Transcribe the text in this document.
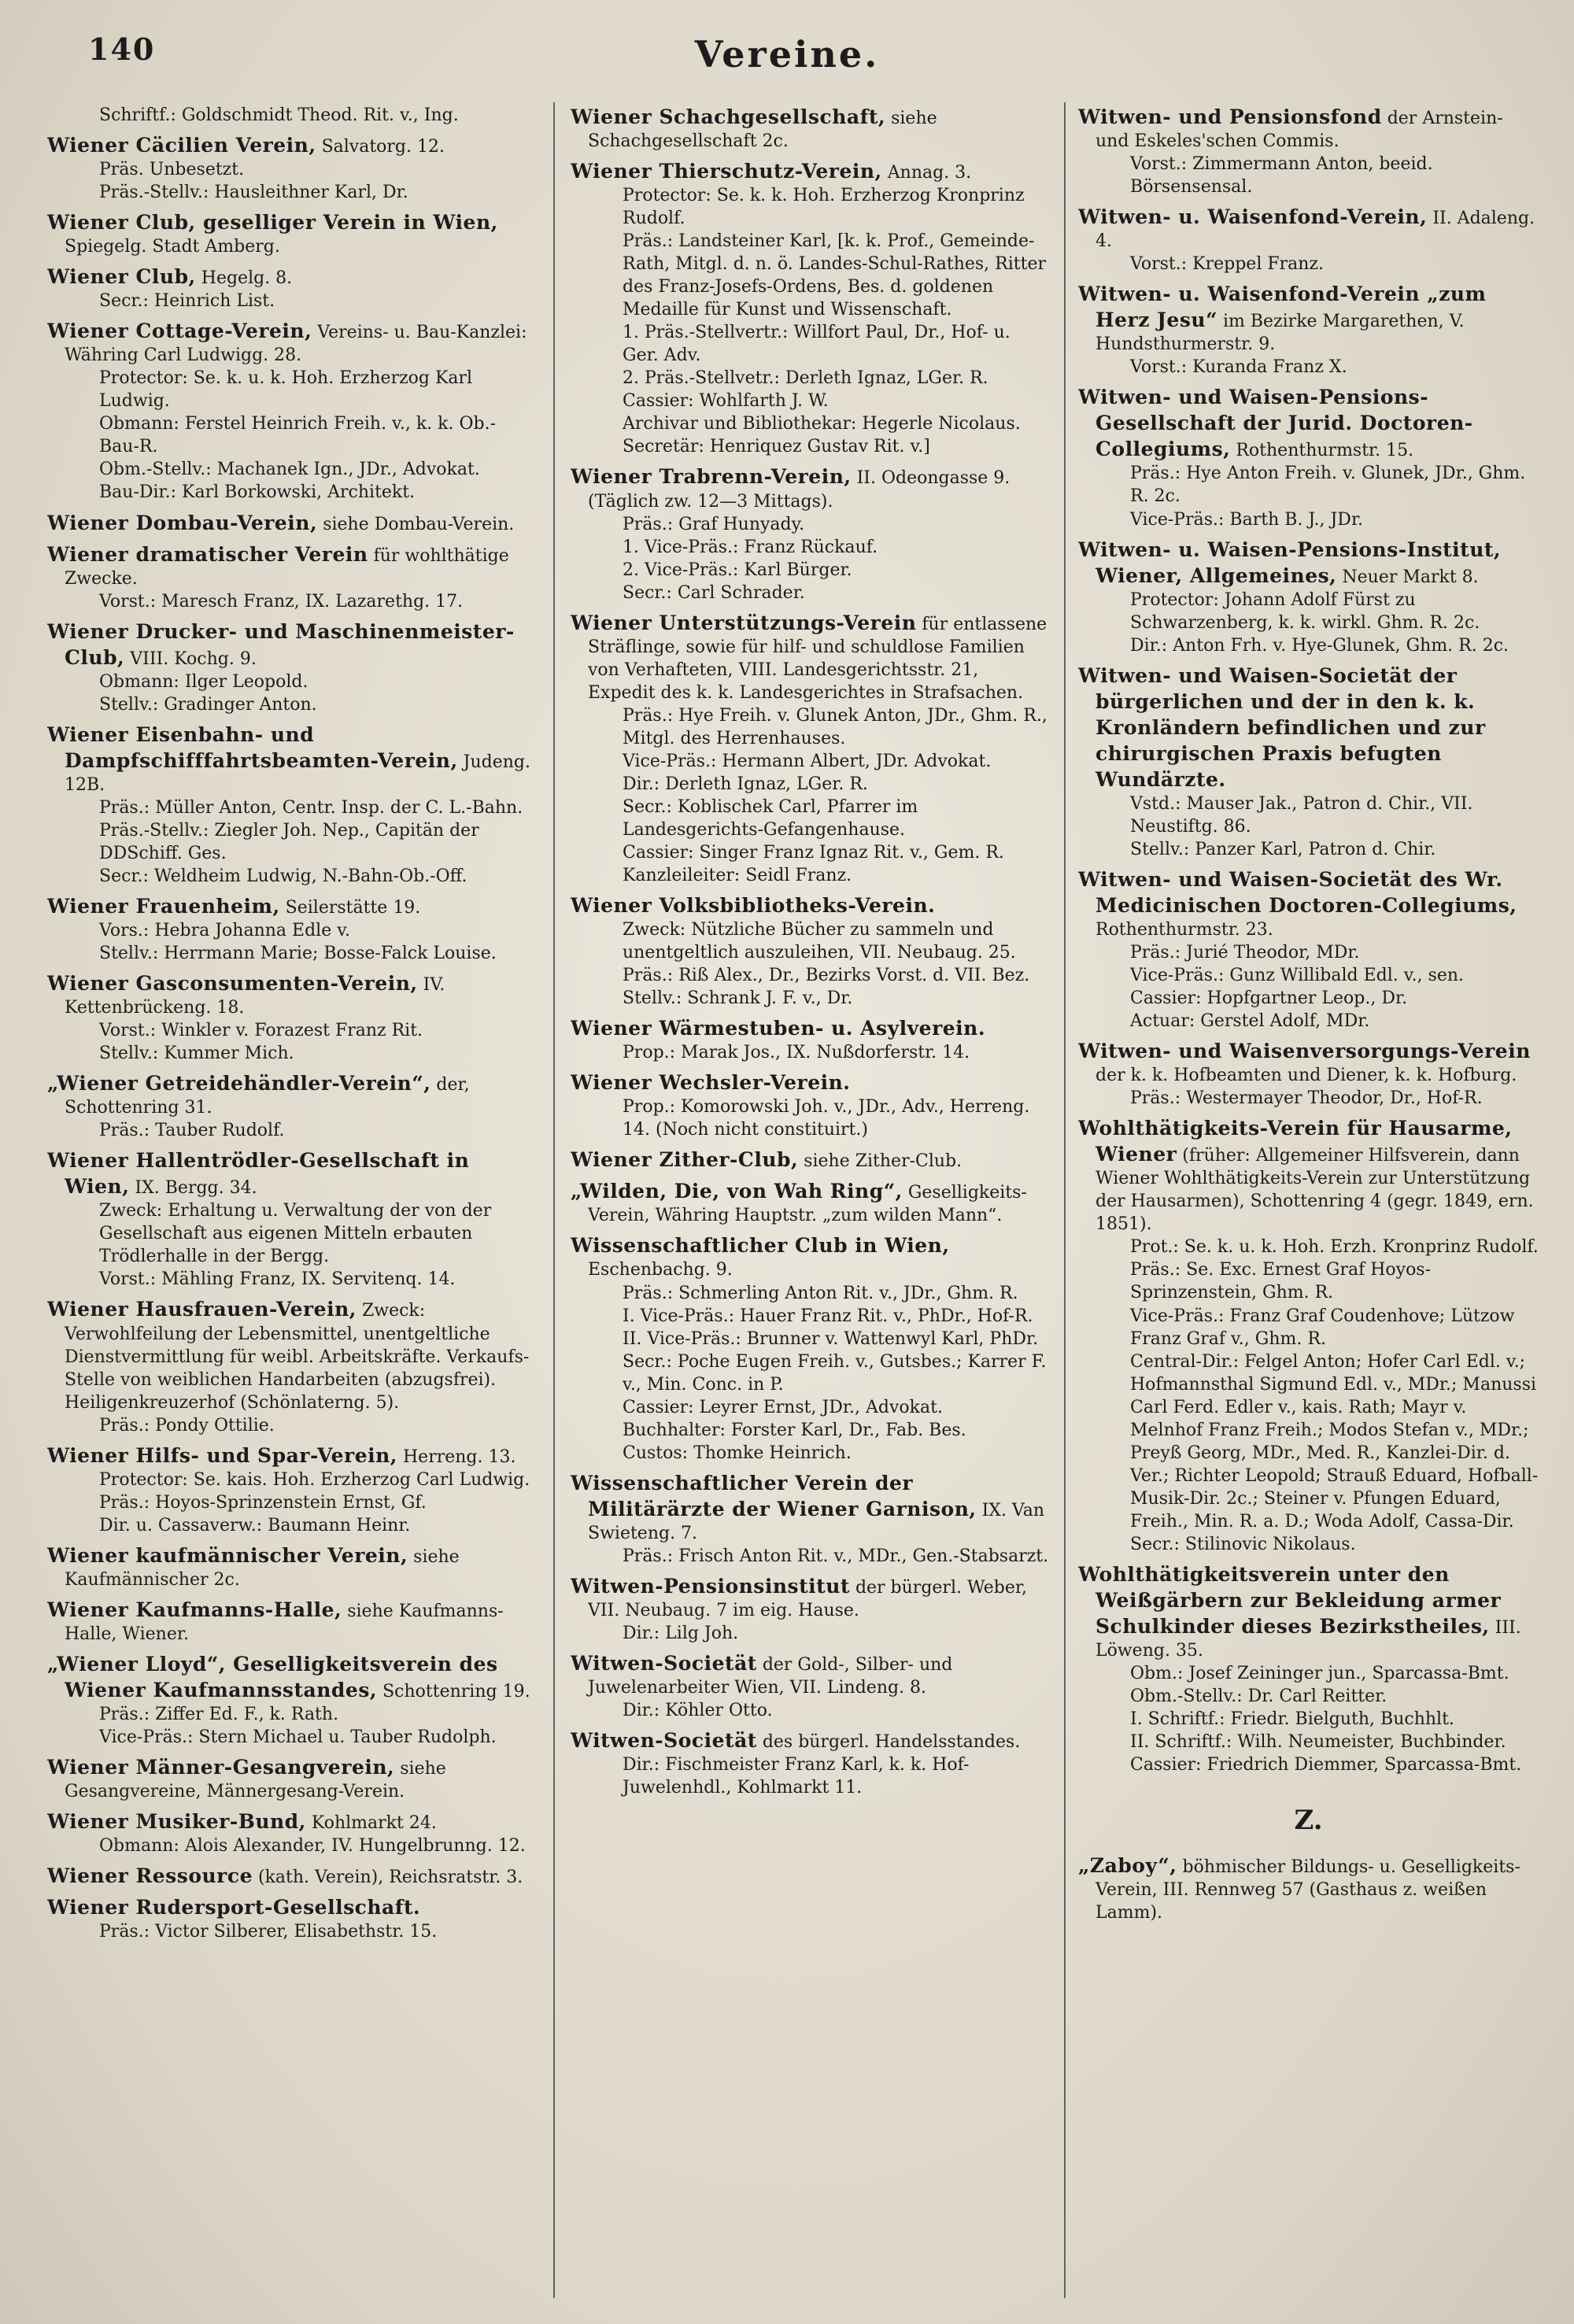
140	Vereine.
Schriftf.: Goldschmidt Theod. Rit. v., Ing.
Wiener Cäcilien Verein, Salvatorg. 12.
Präs. Unbesetzt.
Präs.-Stellv.: Hausleithner Karl, Dr.
Wiener Club, geselliger Verein in Wien, Spiegelg. Stadt Amberg.
Wiener Club, Hegelg. 8.
Secr.: Heinrich List.
Wiener Cottage-Verein, Vereins- u. Bau-Kanzlei: Währing Carl Ludwigg. 28.
Protector: Se. k. u. k. Hoh. Erzherzog Karl Ludwig.
Obmann: Ferstel Heinrich Freih. v., k. k. Ob.-Bau-R.
Obm.-Stellv.: Machanek Ign., JDr., Advokat.
Bau-Dir.: Karl Borkowski, Architekt.
Wiener Dombau-Verein, siehe Dombau-Verein.
Wiener dramatischer Verein für wohlthätige Zwecke.
Vorst.: Maresch Franz, IX. Lazarethg. 17.
Wiener Drucker- und Maschinenmeister-Club, VIII. Kochg. 9.
Obmann: Ilger Leopold.
Stellv.: Gradinger Anton.
Wiener Eisenbahn- und Dampfschifffahrtsbeamten-Verein, Judeng. 12B.
Präs.: Müller Anton, Centr. Insp. der C. L.-Bahn.
Präs.-Stellv.: Ziegler Joh. Nep., Capitän der DDSchiff. Ges.
Secr.: Weldheim Ludwig, N.-Bahn-Ob.-Off.
Wiener Frauenheim, Seilerstätte 19.
Vors.: Hebra Johanna Edle v.
Stellv.: Herrmann Marie; Bosse-Falck Louise.
Wiener Gasconsumenten-Verein, IV. Kettenbrückeng. 18.
Vorst.: Winkler v. Forazest Franz Rit.
Stellv.: Kummer Mich.
„Wiener Getreidehändler-Verein“, der, Schottenring 31.
Präs.: Tauber Rudolf.
Wiener Hallentrödler-Gesellschaft in Wien, IX. Bergg. 34.
Zweck: Erhaltung u. Verwaltung der von der Gesellschaft aus eigenen Mitteln erbauten Trödlerhalle in der Bergg.
Vorst.: Mähling Franz, IX. Servitenq. 14.
Wiener Hausfrauen-Verein, Zweck: Verwohlfeilung der Lebensmittel, unentgeltliche Dienstvermittlung für weibl. Arbeitskräfte. Verkaufs-Stelle von weiblichen Handarbeiten (abzugsfrei). Heiligenkreuzerhof (Schönlaterng. 5).
Präs.: Pondy Ottilie.
Wiener Hilfs- und Spar-Verein, Herreng. 13.
Protector: Se. kais. Hoh. Erzherzog Carl Ludwig.
Präs.: Hoyos-Sprinzenstein Ernst, Gf.
Dir. u. Cassaverw.: Baumann Heinr.
Wiener kaufmännischer Verein, siehe Kaufmännischer 2c.
Wiener Kaufmanns-Halle, siehe Kaufmanns-Halle, Wiener.
„Wiener Lloyd“, Geselligkeitsverein des Wiener Kaufmannsstandes, Schottenring 19.
Präs.: Ziffer Ed. F., k. Rath.
Vice-Präs.: Stern Michael u. Tauber Rudolph.
Wiener Männer-Gesangverein, siehe Gesangvereine, Männergesang-Verein.
Wiener Musiker-Bund, Kohlmarkt 24.
Obmann: Alois Alexander, IV. Hungelbrunng. 12.
Wiener Ressource (kath. Verein), Reichsratstr. 3.
Wiener Rudersport-Gesellschaft.
Präs.: Victor Silberer, Elisabethstr. 15.
Wiener Schachgesellschaft, siehe Schachgesellschaft 2c.
Wiener Thierschutz-Verein, Annag. 3.
Protector: Se. k. k. Hoh. Erzherzog Kronprinz Rudolf.
Präs.: Landsteiner Karl, [k. k. Prof., Gemeinde-Rath, Mitgl. d. n. ö. Landes-Schul-Rathes, Ritter des Franz-Josefs-Ordens, Bes. d. goldenen Medaille für Kunst und Wissenschaft.
1. Präs.-Stellvertr.: Willfort Paul, Dr., Hof- u. Ger. Adv.
2. Präs.-Stellvetr.: Derleth Ignaz, LGer. R.
Cassier: Wohlfarth J. W.
Archivar und Bibliothekar: Hegerle Nicolaus.
Secretär: Henriquez Gustav Rit. v.]
Wiener Trabrenn-Verein, II. Odeongasse 9. (Täglich zw. 12—3 Mittags).
Präs.: Graf Hunyady.
1. Vice-Präs.: Franz Rückauf.
2. Vice-Präs.: Karl Bürger.
Secr.: Carl Schrader.
Wiener Unterstützungs-Verein für entlassene Sträflinge, sowie für hilf- und schuldlose Familien von Verhafteten, VIII. Landesgerichtsstr. 21, Expedit des k. k. Landesgerichtes in Strafsachen.
Präs.: Hye Freih. v. Glunek Anton, JDr., Ghm. R., Mitgl. des Herrenhauses.
Vice-Präs.: Hermann Albert, JDr. Advokat.
Dir.: Derleth Ignaz, LGer. R.
Secr.: Koblischek Carl, Pfarrer im Landesgerichts-Gefangenhause.
Cassier: Singer Franz Ignaz Rit. v., Gem. R.
Kanzleileiter: Seidl Franz.
Wiener Volksbibliotheks-Verein.
Zweck: Nützliche Bücher zu sammeln und unentgeltlich auszuleihen, VII. Neubaug. 25.
Präs.: Riß Alex., Dr., Bezirks Vorst. d. VII. Bez.
Stellv.: Schrank J. F. v., Dr.
Wiener Wärmestuben- u. Asylverein.
Prop.: Marak Jos., IX. Nußdorferstr. 14.
Wiener Wechsler-Verein.
Prop.: Komorowski Joh. v., JDr., Adv., Herreng. 14. (Noch nicht constituirt.)
Wiener Zither-Club, siehe Zither-Club.
„Wilden, Die, von Wah Ring“, Geselligkeits-Verein, Währing Hauptstr. „zum wilden Mann“.
Wissenschaftlicher Club in Wien, Eschenbachg. 9.
Präs.: Schmerling Anton Rit. v., JDr., Ghm. R.
I. Vice-Präs.: Hauer Franz Rit. v., PhDr., Hof-R.
II. Vice-Präs.: Brunner v. Wattenwyl Karl, PhDr.
Secr.: Poche Eugen Freih. v., Gutsbes.; Karrer F. v., Min. Conc. in P.
Cassier: Leyrer Ernst, JDr., Advokat.
Buchhalter: Forster Karl, Dr., Fab. Bes.
Custos: Thomke Heinrich.
Wissenschaftlicher Verein der Militärärzte der Wiener Garnison, IX. Van Swieteng. 7.
Präs.: Frisch Anton Rit. v., MDr., Gen.-Stabsarzt.
Witwen-Pensionsinstitut der bürgerl. Weber, VII. Neubaug. 7 im eig. Hause.
Dir.: Lilg Joh.
Witwen-Societät der Gold-, Silber- und Juwelenarbeiter Wien, VII. Lindeng. 8.
Dir.: Köhler Otto.
Witwen-Societät des bürgerl. Handelsstandes.
Dir.: Fischmeister Franz Karl, k. k. Hof-Juwelenhdl., Kohlmarkt 11.
Witwen- und Pensionsfond der Arnstein- und Eskeles'schen Commis.
Vorst.: Zimmermann Anton, beeid. Börsensensal.
Witwen- u. Waisenfond-Verein, II. Adaleng. 4.
Vorst.: Kreppel Franz.
Witwen- u. Waisenfond-Verein „zum Herz Jesu“ im Bezirke Margarethen, V. Hundsthurmerstr. 9.
Vorst.: Kuranda Franz X.
Witwen- und Waisen-Pensions-Gesellschaft der Jurid. Doctoren-Collegiums, Rothenthurmstr. 15.
Präs.: Hye Anton Freih. v. Glunek, JDr., Ghm. R. 2c.
Vice-Präs.: Barth B. J., JDr.
Witwen- u. Waisen-Pensions-Institut, Wiener, Allgemeines, Neuer Markt 8.
Protector: Johann Adolf Fürst zu Schwarzenberg, k. k. wirkl. Ghm. R. 2c.
Dir.: Anton Frh. v. Hye-Glunek, Ghm. R. 2c.
Witwen- und Waisen-Societät der bürgerlichen und der in den k. k. Kronländern befindlichen und zur chirurgischen Praxis befugten Wundärzte.
Vstd.: Mauser Jak., Patron d. Chir., VII. Neustiftg. 86.
Stellv.: Panzer Karl, Patron d. Chir.
Witwen- und Waisen-Societät des Wr. Medicinischen Doctoren-Collegiums, Rothenthurmstr. 23.
Präs.: Jurié Theodor, MDr.
Vice-Präs.: Gunz Willibald Edl. v., sen.
Cassier: Hopfgartner Leop., Dr.
Actuar: Gerstel Adolf, MDr.
Witwen- und Waisenversorgungs-Verein der k. k. Hofbeamten und Diener, k. k. Hofburg.
Präs.: Westermayer Theodor, Dr., Hof-R.
Wohlthätigkeits-Verein für Hausarme, Wiener (früher: Allgemeiner Hilfsverein, dann Wiener Wohlthätigkeits-Verein zur Unterstützung der Hausarmen), Schottenring 4 (gegr. 1849, ern. 1851).
Prot.: Se. k. u. k. Hoh. Erzh. Kronprinz Rudolf.
Präs.: Se. Exc. Ernest Graf Hoyos-Sprinzenstein, Ghm. R.
Vice-Präs.: Franz Graf Coudenhove; Lützow Franz Graf v., Ghm. R.
Central-Dir.: Felgel Anton; Hofer Carl Edl. v.; Hofmannsthal Sigmund Edl. v., MDr.; Manussi Carl Ferd. Edler v., kais. Rath; Mayr v. Melnhof Franz Freih.; Modos Stefan v., MDr.; Preyß Georg, MDr., Med. R., Kanzlei-Dir. d. Ver.; Richter Leopold; Strauß Eduard, Hofball-Musik-Dir. 2c.; Steiner v. Pfungen Eduard, Freih., Min. R. a. D.; Woda Adolf, Cassa-Dir.
Secr.: Stilinovic Nikolaus.
Wohlthätigkeitsverein unter den Weißgärbern zur Bekleidung armer Schulkinder dieses Bezirkstheiles, III. Löweng. 35.
Obm.: Josef Zeininger jun., Sparcassa-Bmt.
Obm.-Stellv.: Dr. Carl Reitter.
I. Schriftf.: Friedr. Bielguth, Buchhlt.
II. Schriftf.: Wilh. Neumeister, Buchbinder.
Cassier: Friedrich Diemmer, Sparcassa-Bmt.
Z.
„Zaboy“, böhmischer Bildungs- u. Geselligkeits-Verein, III. Rennweg 57 (Gasthaus z. weißen Lamm).
